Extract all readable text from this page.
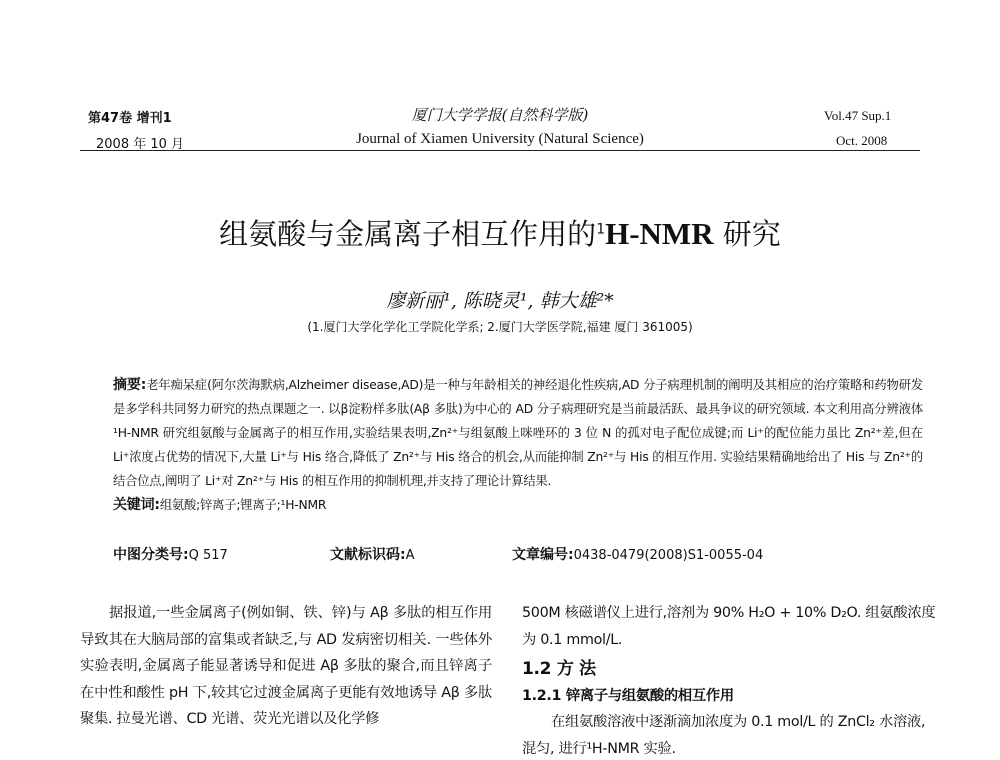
第47卷 增刊1
2008 年 10 月
厦门大学学报(自然科学版)
Journal of Xiamen University (Natural Science)
Vol.47 Sup.1
Oct. 2008
组氨酸与金属离子相互作用的$^1$H-NMR 研究
廖新丽¹, 陈晓灵¹, 韩大雄²*
(1.厦门大学化学化工学院化学系; 2.厦门大学医学院,福建 厦门 361005)

摘要:老年痴呆症(阿尔茨海默病,Alzheimer disease,AD)是一种与年龄相关的神经退化性疾病,AD 分子病理机制的阐明及其相应的治疗策略和药物研发是多学科共同努力研究的热点课题之一. 以β淀粉样多肽(Aβ 多肽)为中心的 AD 分子病理研究是当前最活跃、最具争议的研究领域. 本文利用高分辨液体¹H-NMR 研究组氨酸与金属离子的相互作用,实验结果表明,Zn²⁺与组氨酸上咪唑环的 3 位 N 的孤对电子配位成键;而 Li⁺的配位能力虽比 Zn²⁺差,但在 Li⁺浓度占优势的情况下,大量 Li⁺与 His 络合,降低了 Zn²⁺与 His 络合的机会,从而能抑制 Zn²⁺与 His 的相互作用. 实验结果精确地给出了 His 与 Zn²⁺的结合位点,阐明了 Li⁺对 Zn²⁺与 His 的相互作用的抑制机理,并支持了理论计算结果.

关键词:组氨酸;锌离子;锂离子;¹H-NMR

中图分类号:Q 517	文献标识码:A	文章编号:0438-0479(2008)S1-0055-04
据报道,一些金属离子(例如铜、铁、锌)与 Aβ 多肽的相互作用导致其在大脑局部的富集或者缺乏,与 AD 发病密切相关. 一些体外实验表明,金属离子能显著诱导和促进 Aβ 多肽的聚合,而且锌离子在中性和酸性 pH 下,较其它过渡金属离子更能有效地诱导 Aβ 多肽聚集. 拉曼光谱、CD 光谱、荧光光谱以及化学修

500M 核磁谱仪上进行,溶剂为 90% H₂O + 10% D₂O. 组氨酸浓度为 0.1 mmol/L.

1.2 方 法

1.2.1 锌离子与组氨酸的相互作用

在组氨酸溶液中逐渐滴加浓度为 0.1 mol/L 的 ZnCl₂ 水溶液, 混匀, 进行¹H-NMR 实验.
